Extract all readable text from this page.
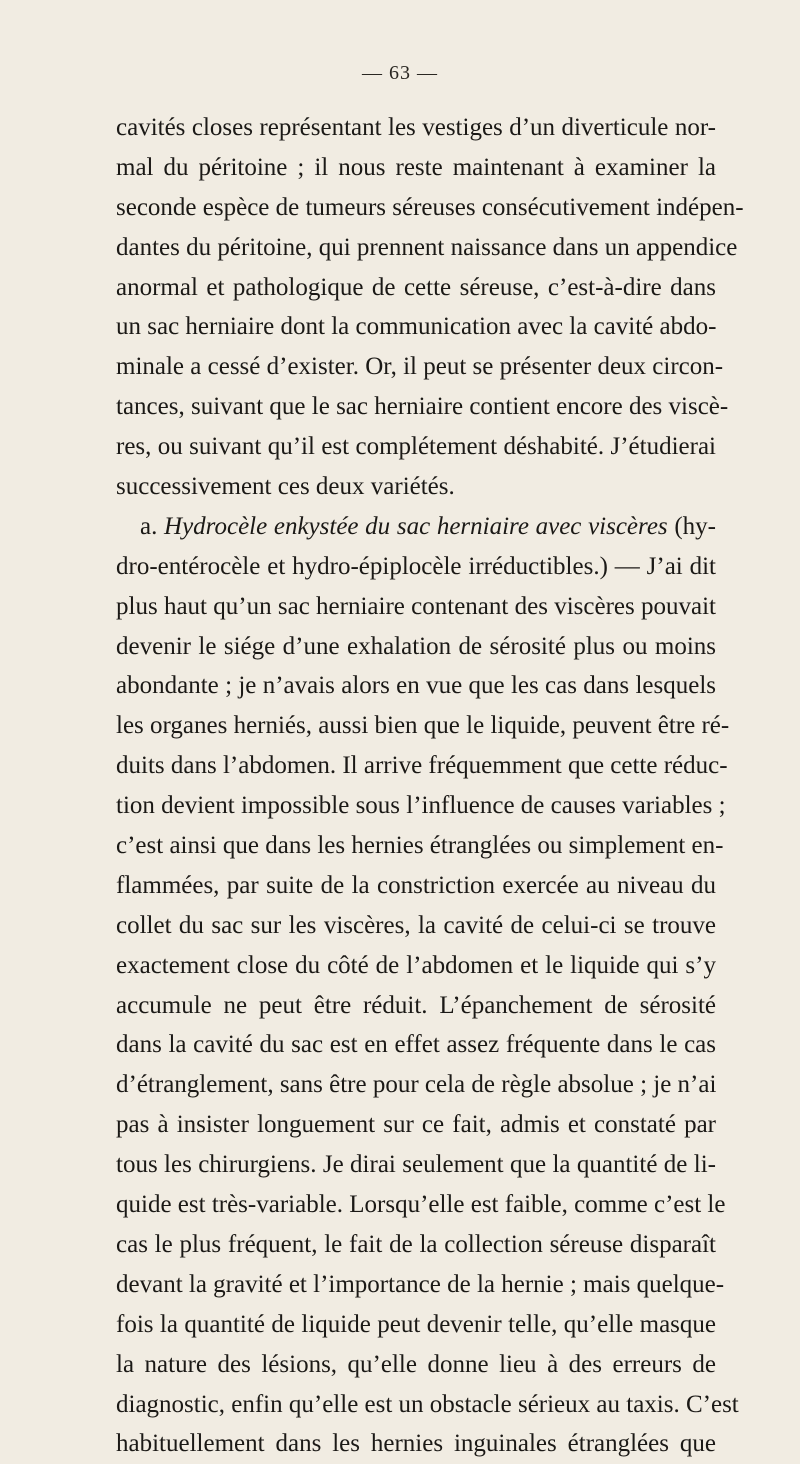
— 63 —
cavités closes représentant les vestiges d’un diverticule nor-
mal du péritoine ; il nous reste maintenant à examiner la
seconde espèce de tumeurs séreuses consécutivement indépen-
dantes du péritoine, qui prennent naissance dans un appendice
anormal et pathologique de cette séreuse, c’est-à-dire dans
un sac herniaire dont la communication avec la cavité abdo-
minale a cessé d’exister. Or, il peut se présenter deux circon-
tances, suivant que le sac herniaire contient encore des viscè-
res, ou suivant qu’il est complétement déshabité. J’étudierai
successivement ces deux variétés.
a. Hydrocèle enkystée du sac herniaire avec viscères (hy-
dro-entérocèle et hydro-épiplocèle irréductibles.) — J’ai dit
plus haut qu’un sac herniaire contenant des viscères pouvait
devenir le siége d’une exhalation de sérosité plus ou moins
abondante ; je n’avais alors en vue que les cas dans lesquels
les organes herniés, aussi bien que le liquide, peuvent être ré-
duits dans l’abdomen. Il arrive fréquemment que cette réduc-
tion devient impossible sous l’influence de causes variables ;
c’est ainsi que dans les hernies étranglées ou simplement en-
flammées, par suite de la constriction exercée au niveau du
collet du sac sur les viscères, la cavité de celui-ci se trouve
exactement close du côté de l’abdomen et le liquide qui s’y
accumule ne peut être réduit. L’épanchement de sérosité
dans la cavité du sac est en effet assez fréquente dans le cas
d’étranglement, sans être pour cela de règle absolue ; je n’ai
pas à insister longuement sur ce fait, admis et constaté par
tous les chirurgiens. Je dirai seulement que la quantité de li-
quide est très-variable. Lorsqu’elle est faible, comme c’est le
cas le plus fréquent, le fait de la collection séreuse disparaît
devant la gravité et l’importance de la hernie ; mais quelque-
fois la quantité de liquide peut devenir telle, qu’elle masque
la nature des lésions, qu’elle donne lieu à des erreurs de
diagnostic, enfin qu’elle est un obstacle sérieux au taxis. C’est
habituellement dans les hernies inguinales étranglées que
